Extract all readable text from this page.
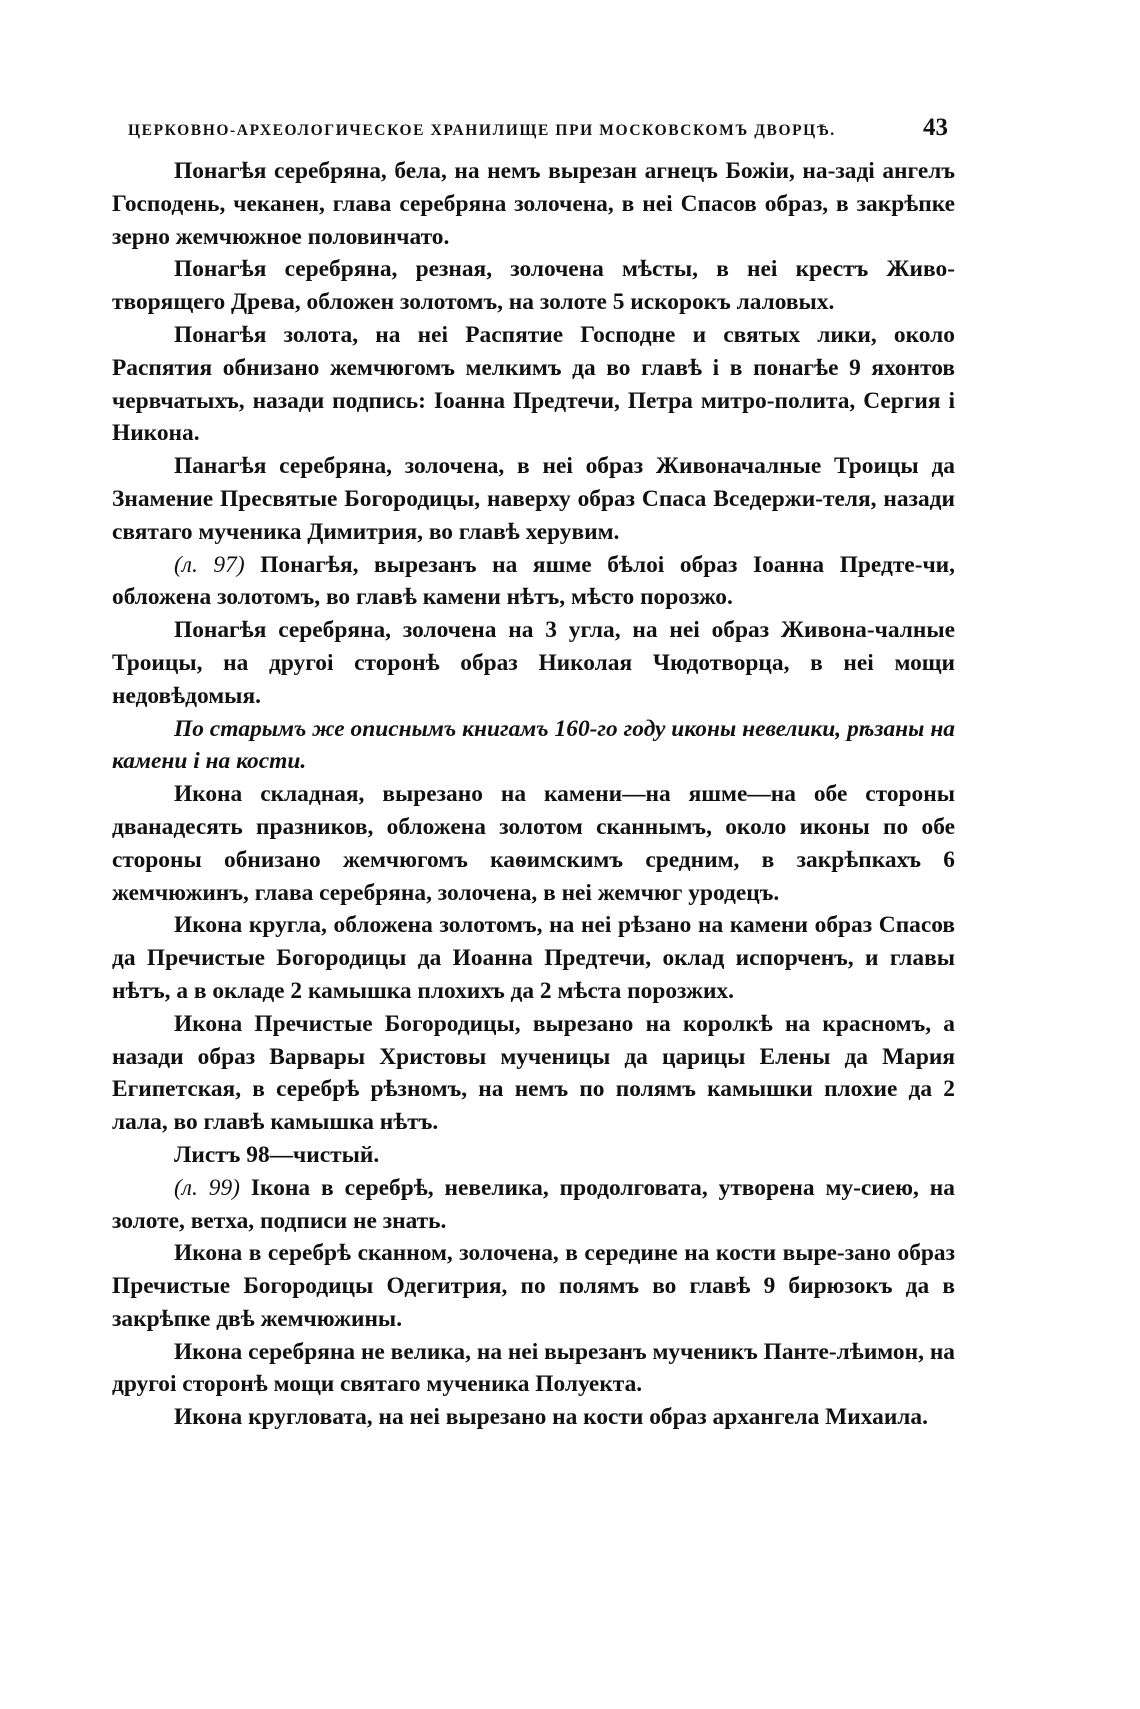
ЦЕРКОВНО-АРХЕОЛОГИЧЕСКОЕ ХРАНИЛИЩЕ ПРИ МОСКОВСКОМЪ ДВОРЦѢ.	43

Понагѣя серебряна, бела, на немъ вырезан агнецъ Божiи, на-задi ангелъ Господень, чеканен, глава серебряна золочена, в неi Спасов образ, в закрѣпке зерно жемчюжное половинчато.

Понагѣя серебряна, резная, золочена мѣсты, в неi крестъ Живо-творящего Древа, обложен золотомъ, на золоте 5 искорокъ лаловых.

Понагѣя золота, на неi Распятие Господне и святых лики, около Распятия обнизано жемчюгомъ мелкимъ да во главѣ i в понагѣе 9 яхонтов червчатыхъ, назади подпись: Iоанна Предтечи, Петра митро-полита, Сергия i Никона.

Панагѣя серебряна, золочена, в неi образ Живоначалные Троицы да Знамение Пресвятые Богородицы, наверху образ Спаса Вседержи-теля, назади святаго мученика Димитрия, во главѣ херувим.

(л. 97) Понагѣя, вырезанъ на яшме бѣлоi образ Iоанна Предте-чи, обложена золотомъ, во главѣ камени нѣтъ, мѣсто порозжо.

Понагѣя серебряна, золочена на 3 угла, на неi образ Живона-чалные Троицы, на другоi сторонѣ образ Николая Чюдотворца, в неi мощи недовѣдомыя.

По старымъ же описнымъ книгамъ 160-го году иконы невелики, рѣзаны на камени i на кости.

Икона складная, вырезано на камени—на яшме—на обе стороны дванадесять празников, обложена золотом сканнымъ, около иконы по обе стороны обнизано жемчюгомъ каѳимскимъ средним, в закрѣпкахъ 6 жемчюжинъ, глава серебряна, золочена, в неi жемчюг уродецъ.

Икона кругла, обложена золотомъ, на неi рѣзано на камени образ Спасов да Пречистые Богородицы да Иоанна Предтечи, оклад испорченъ, и главы нѣтъ, а в окладе 2 камышка плохихъ да 2 мѣста порозжих.

Икона Пречистые Богородицы, вырезано на королкѣ на красномъ, а назади образ Варвары Христовы мученицы да царицы Елены да Мария Египетская, в серебрѣ рѣзномъ, на немъ по полямъ камышки плохие да 2 лала, во главѣ камышка нѣтъ.

Листъ 98—чистый.

(л. 99) Iкона в серебрѣ, невелика, продолговата, утворена му-сиею, на золоте, ветха, подписи не знать.

Икона в серебрѣ сканном, золочена, в середине на кости выре-зано образ Пречистые Богородицы Одегитрия, по полямъ во главѣ 9 бирюзокъ да в закрѣпке двѣ жемчюжины.

Икона серебряна не велика, на неi вырезанъ мученикъ Панте-лѣимон, на другоi сторонѣ мощи святаго мученика Полуекта.

Икона кругловата, на неi вырезано на кости образ архангела Михаила.
